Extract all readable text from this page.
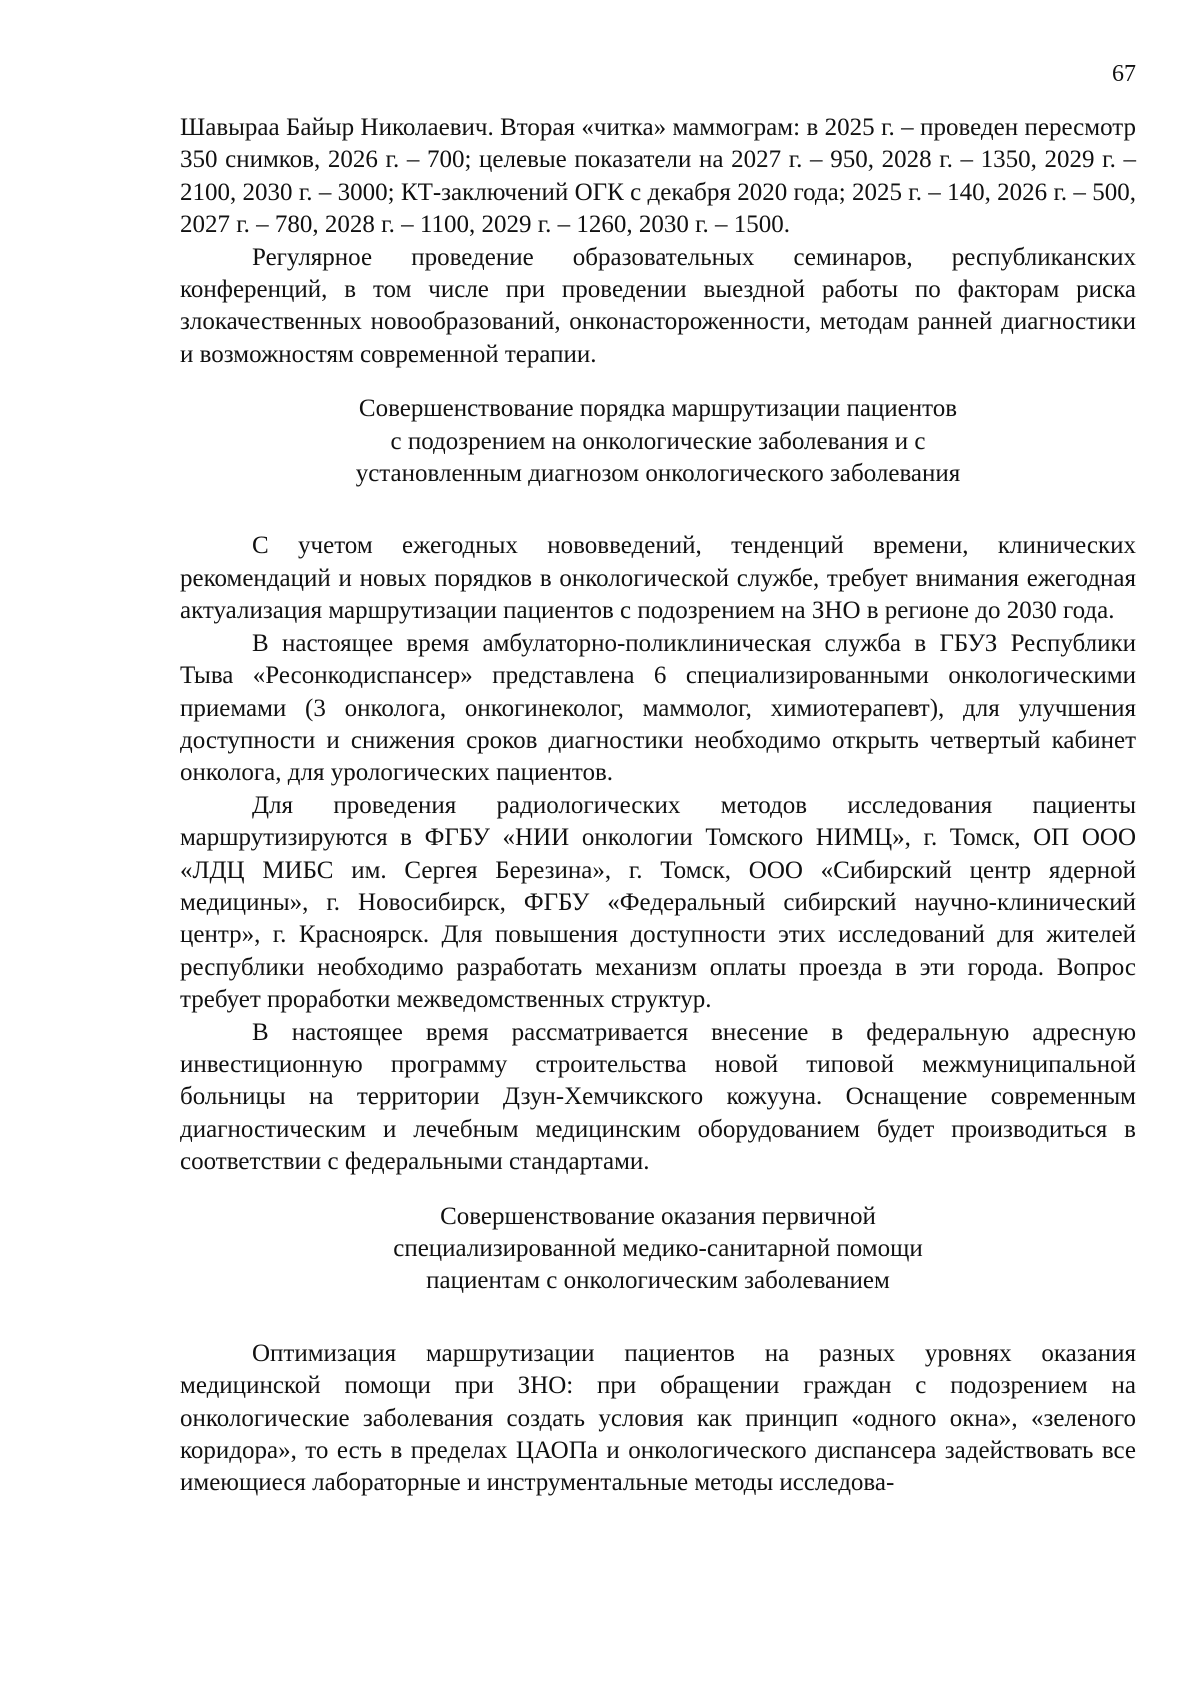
67

Шавыраа Байыр Николаевич. Вторая «читка» маммограм: в 2025 г. – проведен пересмотр 350 снимков, 2026 г. – 700; целевые показатели на 2027 г. – 950, 2028 г. – 1350, 2029 г. – 2100, 2030 г. – 3000; КТ-заключений ОГК с декабря 2020 года; 2025 г. – 140, 2026 г. – 500, 2027 г. – 780, 2028 г. – 1100, 2029 г. – 1260, 2030 г. – 1500.

Регулярное проведение образовательных семинаров, республиканских конференций, в том числе при проведении выездной работы по факторам риска злокачественных новообразований, онконастороженности, методам ранней диагностики и возможностям современной терапии.

Совершенствование порядка маршрутизации пациентов
с подозрением на онкологические заболевания и с
установленным диагнозом онкологического заболевания

С учетом ежегодных нововведений, тенденций времени, клинических рекомендаций и новых порядков в онкологической службе, требует внимания ежегодная актуализация маршрутизации пациентов с подозрением на ЗНО в регионе до 2030 года.

В настоящее время амбулаторно-поликлиническая служба в ГБУЗ Республики Тыва «Ресонкодиспансер» представлена 6 специализированными онкологическими приемами (3 онколога, онкогинеколог, маммолог, химиотерапевт), для улучшения доступности и снижения сроков диагностики необходимо открыть четвертый кабинет онколога, для урологических пациентов.

Для проведения радиологических методов исследования пациенты маршрутизируются в ФГБУ «НИИ онкологии Томского НИМЦ», г. Томск, ОП ООО «ЛДЦ МИБС им. Сергея Березина», г. Томск, ООО «Сибирский центр ядерной медицины», г. Новосибирск, ФГБУ «Федеральный сибирский научно-клинический центр», г. Красноярск. Для повышения доступности этих исследований для жителей республики необходимо разработать механизм оплаты проезда в эти города. Вопрос требует проработки межведомственных структур.

В настоящее время рассматривается внесение в федеральную адресную инвестиционную программу строительства новой типовой межмуниципальной больницы на территории Дзун-Хемчикского кожууна. Оснащение современным диагностическим и лечебным медицинским оборудованием будет производиться в соответствии с федеральными стандартами.

Совершенствование оказания первичной
специализированной медико-санитарной помощи
пациентам с онкологическим заболеванием

Оптимизация маршрутизации пациентов на разных уровнях оказания медицинской помощи при ЗНО: при обращении граждан с подозрением на онкологические заболевания создать условия как принцип «одного окна», «зеленого коридора», то есть в пределах ЦАОПа и онкологического диспансера задействовать все имеющиеся лабораторные и инструментальные методы исследова-
